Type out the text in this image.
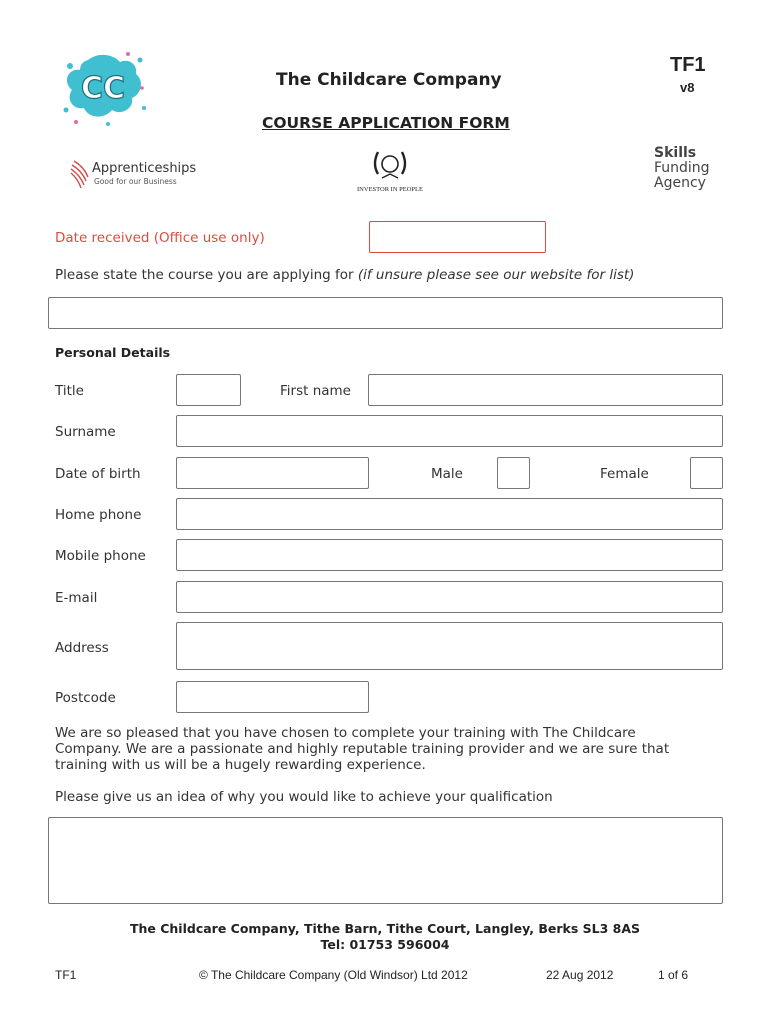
CC	The Childcare Company
TF1
v8
COURSE APPLICATION FORM
Apprenticeships
Good for our Business
INVESTOR IN PEOPLE
Skills
Funding
Agency
Date received (Office use only)
Please state the course you are applying for (if unsure please see our website for list)
Personal Details
Title	First name
Surname
Date of birth	Male	Female
Home phone
Mobile phone
E-mail
Address
Postcode
We are so pleased that you have chosen to complete your training with The Childcare
Company. We are a passionate and highly reputable training provider and we are sure that
training with us will be a hugely rewarding experience.
Please give us an idea of why you would like to achieve your qualification
The Childcare Company, Tithe Barn, Tithe Court, Langley, Berks SL3 8AS
Tel: 01753 596004
TF1	© The Childcare Company (Old Windsor) Ltd 2012	22 Aug 2012	1 of 6
